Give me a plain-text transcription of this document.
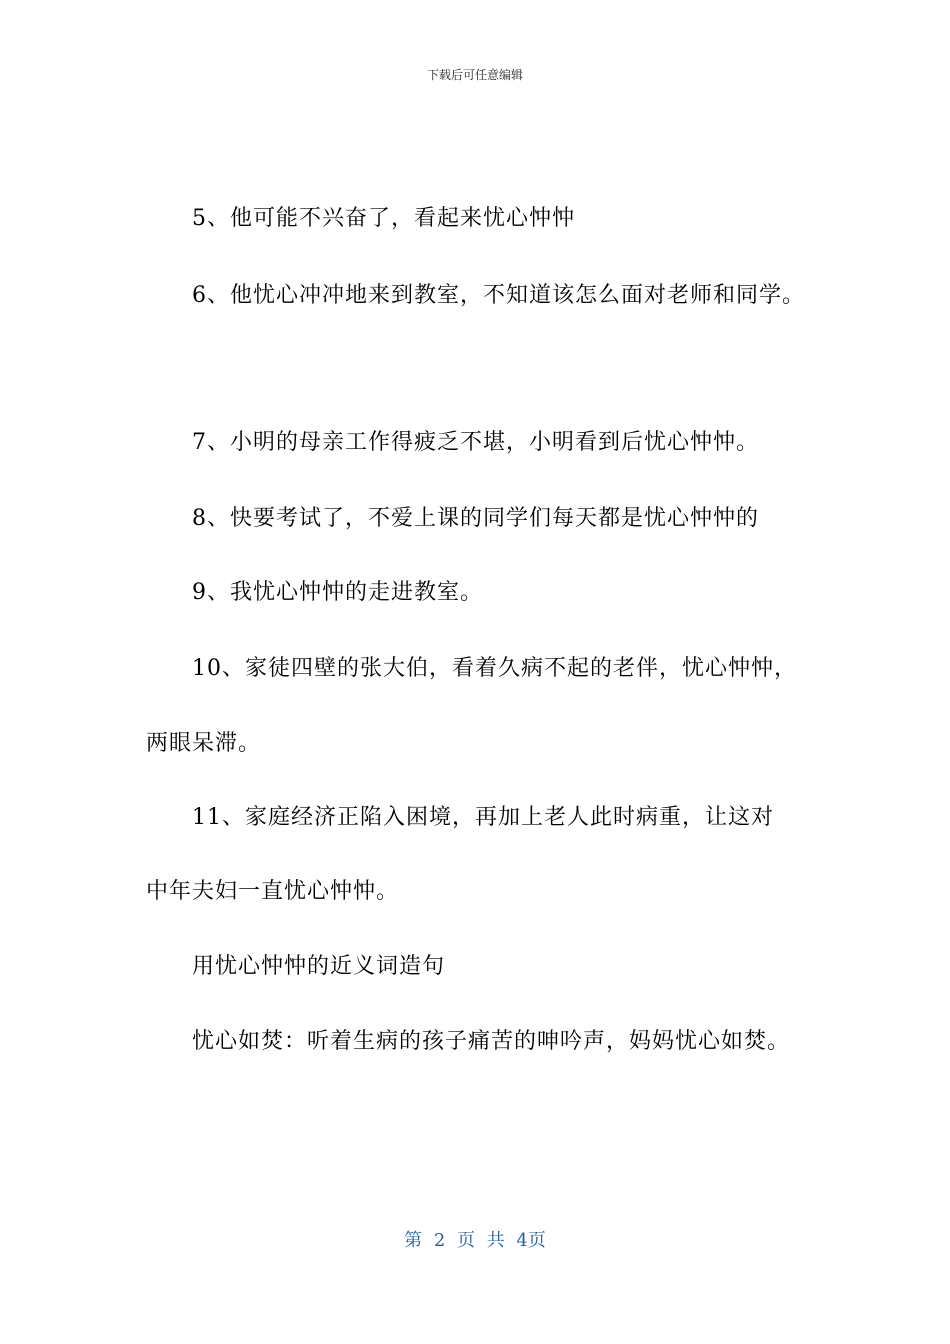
下载后可任意编辑
5、他可能不兴奋了，看起来忧心忡忡
6、他忧心冲冲地来到教室，不知道该怎么面对老师和同学。
7、小明的母亲工作得疲乏不堪，小明看到后忧心忡忡。
8、快要考试了，不爱上课的同学们每天都是忧心忡忡的
9、我忧心忡忡的走进教室。
10、家徒四壁的张大伯，看着久病不起的老伴，忧心忡忡，
两眼呆滞。
11、家庭经济正陷入困境，再加上老人此时病重，让这对
中年夫妇一直忧心忡忡。
用忧心忡忡的近义词造句
忧心如焚：听着生病的孩子痛苦的呻吟声，妈妈忧心如焚。
第 2 页 共 4页
